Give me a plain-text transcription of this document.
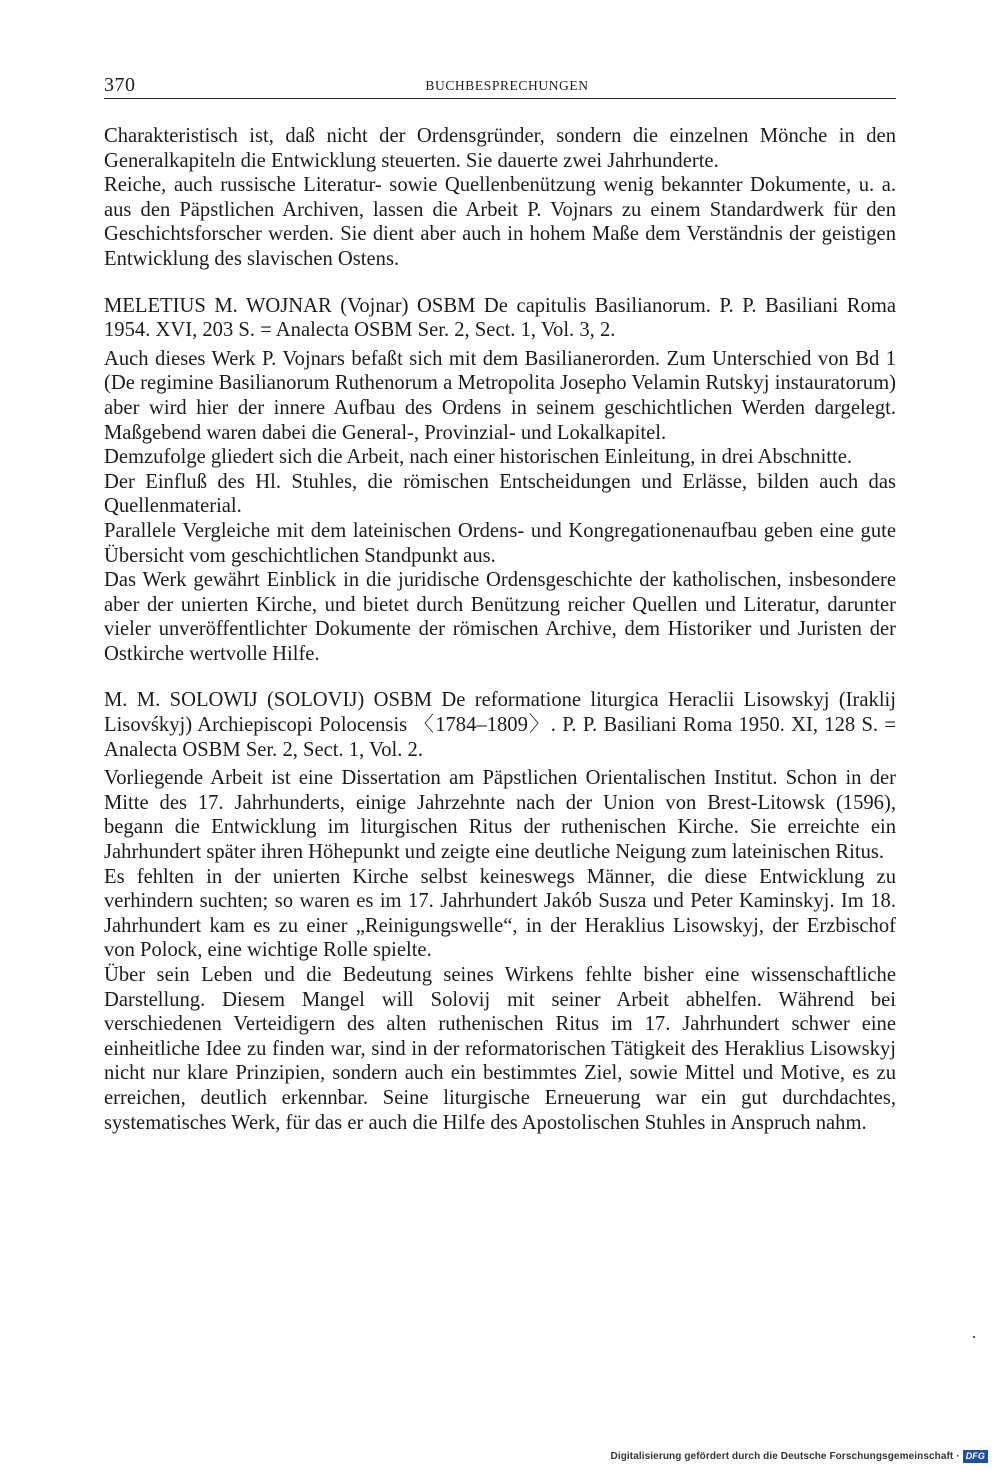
370	BUCHBESPRECHUNGEN

Charakteristisch ist, daß nicht der Ordensgründer, sondern die einzelnen Mönche in den Generalkapiteln die Entwicklung steuerten. Sie dauerte zwei Jahrhunderte.

Reiche, auch russische Literatur- sowie Quellenbenützung wenig bekannter Dokumente, u. a. aus den Päpstlichen Archiven, lassen die Arbeit P. Vojnars zu einem Standardwerk für den Geschichtsforscher werden. Sie dient aber auch in hohem Maße dem Verständnis der geistigen Entwicklung des slavischen Ostens.

MELETIUS M. WOJNAR (Vojnar) OSBM De capitulis Basilianorum. P. P. Basiliani Roma 1954. XVI, 203 S. = Analecta OSBM Ser. 2, Sect. 1, Vol. 3, 2.

Auch dieses Werk P. Vojnars befaßt sich mit dem Basilianerorden. Zum Unterschied von Bd 1 (De regimine Basilianorum Ruthenorum a Metropolita Josepho Velamin Rutskyj instauratorum) aber wird hier der innere Aufbau des Ordens in seinem geschichtlichen Werden dargelegt. Maßgebend waren dabei die General-, Provinzial- und Lokalkapitel.

Demzufolge gliedert sich die Arbeit, nach einer historischen Einleitung, in drei Abschnitte.

Der Einfluß des Hl. Stuhles, die römischen Entscheidungen und Erlässe, bilden auch das Quellenmaterial.

Parallele Vergleiche mit dem lateinischen Ordens- und Kongregationenaufbau geben eine gute Übersicht vom geschichtlichen Standpunkt aus.

Das Werk gewährt Einblick in die juridische Ordensgeschichte der katholischen, insbesondere aber der unierten Kirche, und bietet durch Benützung reicher Quellen und Literatur, darunter vieler unveröffentlichter Dokumente der römischen Archive, dem Historiker und Juristen der Ostkirche wertvolle Hilfe.

M. M. SOLOWIJ (SOLOVIJ) OSBM De reformatione liturgica Heraclii Lisowskyj (Iraklij Lisovśkyj) Archiepiscopi Polocensis 〈1784–1809〉. P. P. Basiliani Roma 1950. XI, 128 S. = Analecta OSBM Ser. 2, Sect. 1, Vol. 2.

Vorliegende Arbeit ist eine Dissertation am Päpstlichen Orientalischen Institut. Schon in der Mitte des 17. Jahrhunderts, einige Jahrzehnte nach der Union von Brest-Litowsk (1596), begann die Entwicklung im liturgischen Ritus der ruthenischen Kirche. Sie erreichte ein Jahrhundert später ihren Höhepunkt und zeigte eine deutliche Neigung zum lateinischen Ritus.

Es fehlten in der unierten Kirche selbst keineswegs Männer, die diese Entwicklung zu verhindern suchten; so waren es im 17. Jahrhundert Jakób Susza und Peter Kaminskyj. Im 18. Jahrhundert kam es zu einer „Reinigungswelle“, in der Heraklius Lisowskyj, der Erzbischof von Polock, eine wichtige Rolle spielte.

Über sein Leben und die Bedeutung seines Wirkens fehlte bisher eine wissenschaftliche Darstellung. Diesem Mangel will Solovij mit seiner Arbeit abhelfen. Während bei verschiedenen Verteidigern des alten ruthenischen Ritus im 17. Jahrhundert schwer eine einheitliche Idee zu finden war, sind in der reformatorischen Tätigkeit des Heraklius Lisowskyj nicht nur klare Prinzipien, sondern auch ein bestimmtes Ziel, sowie Mittel und Motive, es zu erreichen, deutlich erkennbar. Seine liturgische Erneuerung war ein gut durchdachtes, systematisches Werk, für das er auch die Hilfe des Apostolischen Stuhles in Anspruch nahm.

Digitalisierung gefördert durch die Deutsche Forschungsgemeinschaft · DFG
